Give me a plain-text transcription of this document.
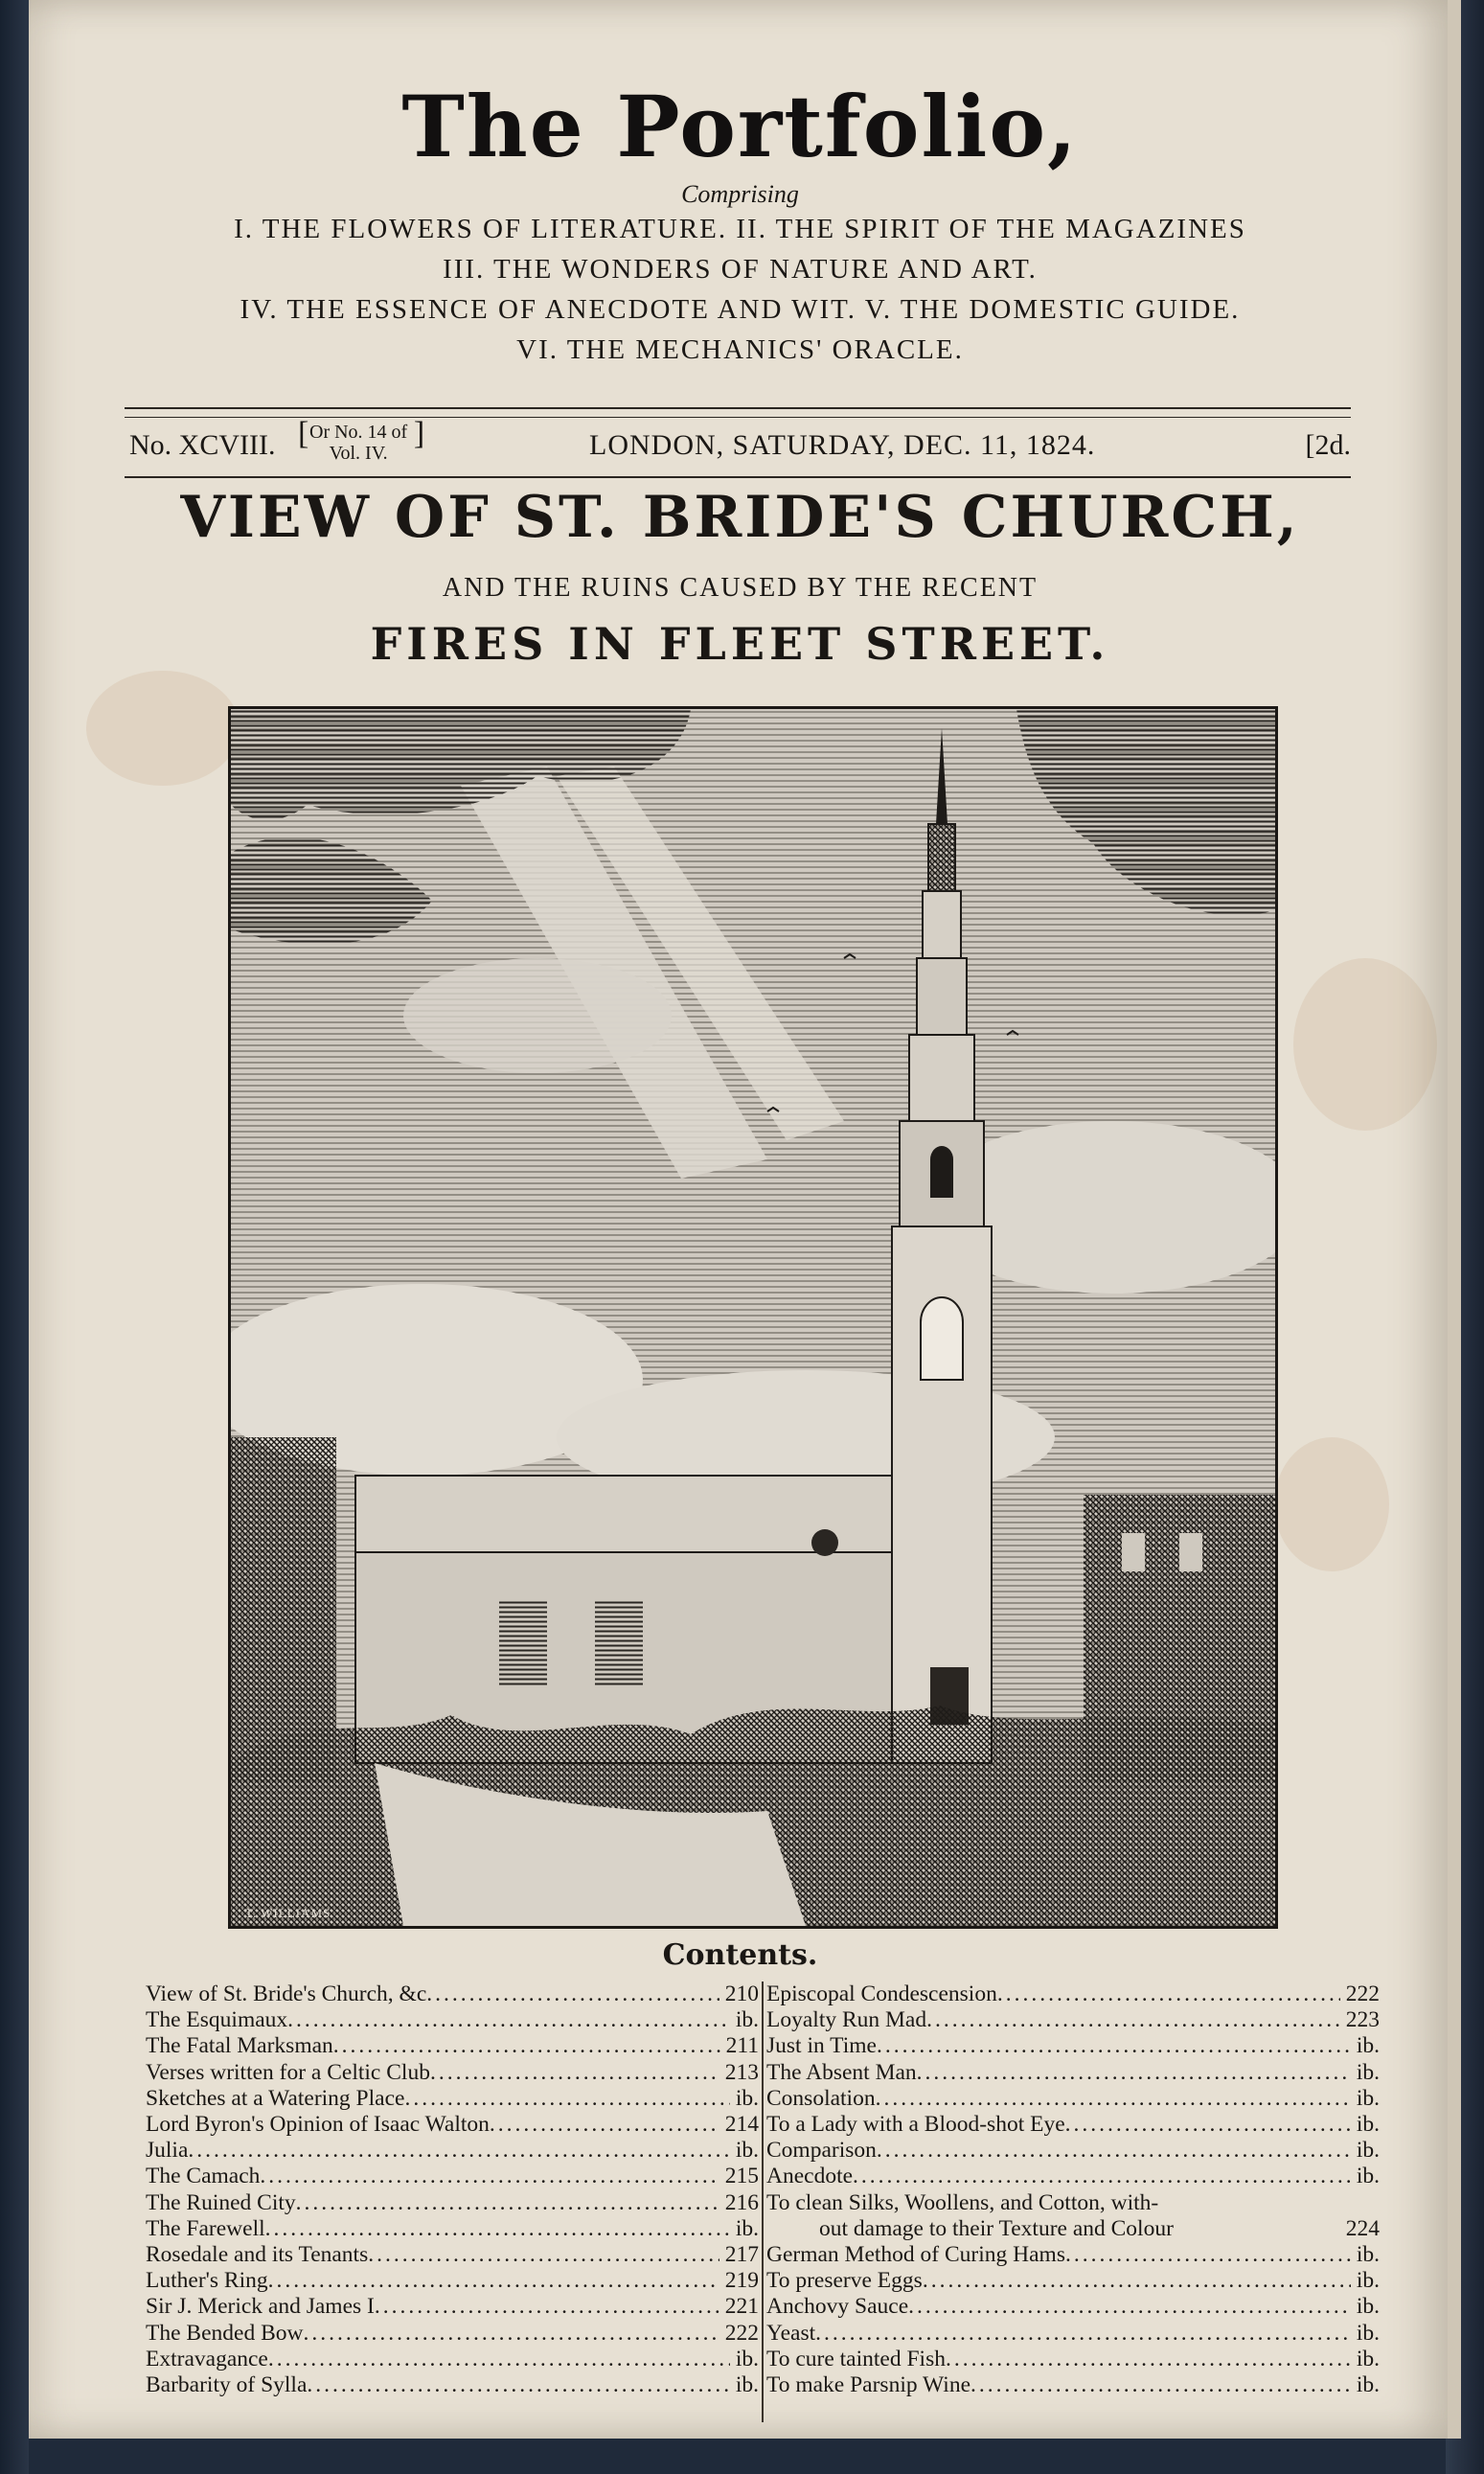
The Portfolio,
Comprising
I. THE FLOWERS OF LITERATURE. II. THE SPIRIT OF THE MAGAZINES
III. THE WONDERS OF NATURE AND ART.
IV. THE ESSENCE OF ANECDOTE AND WIT. V. THE DOMESTIC GUIDE.
VI. THE MECHANICS' ORACLE.
No. XCVIII. [ Or No. 14 of
Vol. IV.
]	LONDON, SATURDAY, DEC. 11, 1824.	[2d.
VIEW OF ST. BRIDE'S CHURCH,
AND THE RUINS CAUSED BY THE RECENT
FIRES IN FLEET STREET.
T. WILLIAMS
Contents.
View of St. Bride's Church, &c .....	210
The Esquimaux .....	ib.
The Fatal Marksman .....	211
Verses written for a Celtic Club .....	213
Sketches at a Watering Place .....	ib.
Lord Byron's Opinion of Isaac Walton .....	214
Julia .....	ib.
The Camach .....	215
The Ruined City .....	216
The Farewell .....	ib.
Rosedale and its Tenants .....	217
Luther's Ring .....	219
Sir J. Merick and James I .....	221
The Bended Bow .....	222
Extravagance .....	ib.
Barbarity of Sylla .....	ib.
Episcopal Condescension .....	222
Loyalty Run Mad .....	223
Just in Time .....	ib.
The Absent Man .....	ib.
Consolation .....	ib.
To a Lady with a Blood-shot Eye .....	ib.
Comparison .....	ib.
Anecdote .....	ib.
To clean Silks, Woollens, and Cotton, with-
out damage to their Texture and Colour	224
German Method of Curing Hams .....	ib.
To preserve Eggs .....	ib.
Anchovy Sauce .....	ib.
Yeast .....	ib.
To cure tainted Fish .....	ib.
To make Parsnip Wine .....	ib.
